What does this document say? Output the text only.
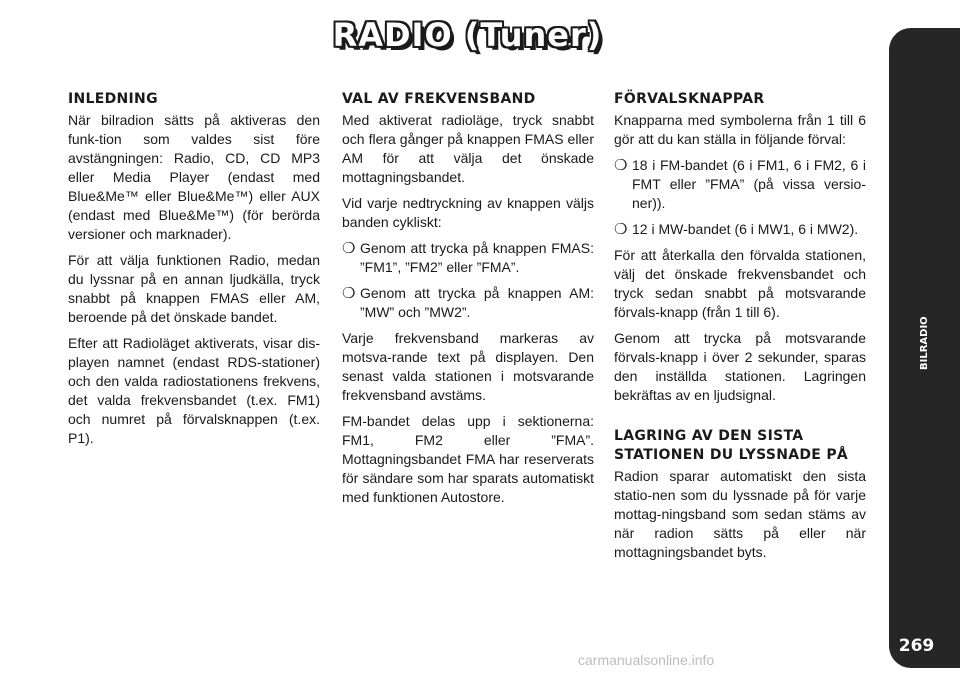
RADIO (Tuner)
INLEDNING

När bilradion sätts på aktiveras den funk-tion som valdes sist före avstängningen: Radio, CD, CD MP3 eller Media Player (endast med Blue&Me™ eller Blue&Me™) eller AUX (endast med Blue&Me™) (för berörda versioner och marknader).

För att välja funktionen Radio, medan du lyssnar på en annan ljudkälla, tryck snabbt på knappen FMAS eller AM, beroende på det önskade bandet.

Efter att Radioläget aktiverats, visar dis-playen namnet (endast RDS-stationer) och den valda radiostationens frekvens, det valda frekvensbandet (t.ex. FM1) och numret på förvalsknappen (t.ex. P1).

VAL AV FREKVENSBAND

Med aktiverat radioläge, tryck snabbt och flera gånger på knappen FMAS eller AM för att välja det önskade mottagningsbandet.

Vid varje nedtryckning av knappen väljs banden cykliskt:

❍ Genom att trycka på knappen FMAS: ”FM1”, ”FM2” eller ”FMA”.
❍ Genom att trycka på knappen AM: ”MW” och ”MW2”.

Varje frekvensband markeras av motsva-rande text på displayen. Den senast valda stationen i motsvarande frekvensband avstäms.

FM-bandet delas upp i sektionerna: FM1, FM2 eller ”FMA”. Mottagningsbandet FMA har reserverats för sändare som har sparats automatiskt med funktionen Autostore.

FÖRVALSKNAPPAR

Knapparna med symbolerna från 1 till 6 gör att du kan ställa in följande förval:

❍ 18 i FM-bandet (6 i FM1, 6 i FM2, 6 i FMT eller ”FMA” (på vissa versio-ner)).
❍ 12 i MW-bandet (6 i MW1, 6 i MW2).

För att återkalla den förvalda stationen, välj det önskade frekvensbandet och tryck sedan snabbt på motsvarande förvals-knapp (från 1 till 6).

Genom att trycka på motsvarande förvals-knapp i över 2 sekunder, sparas den inställda stationen. Lagringen bekräftas av en ljudsignal.

LAGRING AV DEN SISTA STATIONEN DU LYSSNADE PÅ

Radion sparar automatiskt den sista statio-nen som du lyssnade på för varje mottag-ningsband som sedan stäms av när radion sätts på eller när mottagningsbandet byts.

BILRADIO
269
carmanualsonline.info
